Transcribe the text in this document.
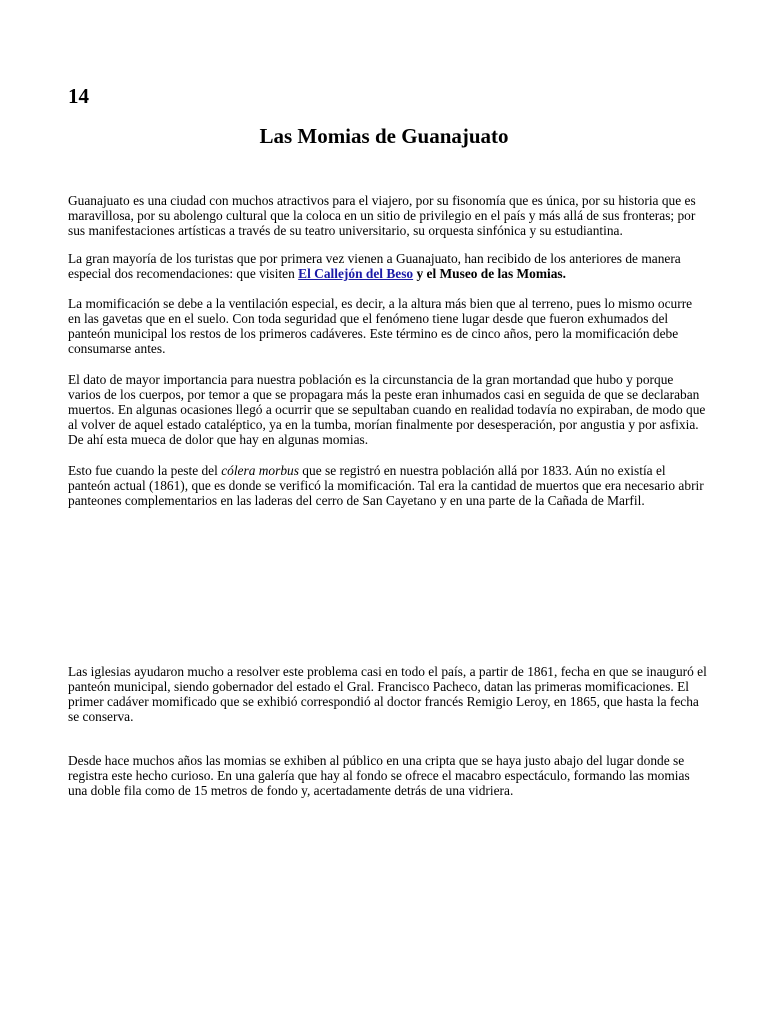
14
Las Momias de Guanajuato

Guanajuato es una ciudad con muchos atractivos para el viajero, por su fisonomía que es única, por su historia que es maravillosa, por su abolengo cultural que la coloca en un sitio de privilegio en el país y más allá de sus fronteras; por sus manifestaciones artísticas a través de su teatro universitario, su orquesta sinfónica y su estudiantina.

La gran mayoría de los turistas que por primera vez vienen a Guanajuato, han recibido de los anteriores de manera especial dos recomendaciones: que visiten El Callejón del Beso y el Museo de las Momias.

La momificación se debe a la ventilación especial, es decir, a la altura más bien que al terreno, pues lo mismo ocurre en las gavetas que en el suelo. Con toda seguridad que el fenómeno tiene lugar desde que fueron exhumados del panteón municipal los restos de los primeros cadáveres. Este término es de cinco años, pero la momificación debe consumarse antes.

El dato de mayor importancia para nuestra población es la circunstancia de la gran mortandad que hubo y porque varios de los cuerpos, por temor a que se propagara más la peste eran inhumados casi en seguida de que se declaraban muertos. En algunas ocasiones llegó a ocurrir que se sepultaban cuando en realidad todavía no expiraban, de modo que al volver de aquel estado cataléptico, ya en la tumba, morían finalmente por desesperación, por angustia y por asfixia. De ahí esta mueca de dolor que hay en algunas momias.

Esto fue cuando la peste del cólera morbus que se registró en nuestra población allá por 1833. Aún no existía el panteón actual (1861), que es donde se verificó la momificación. Tal era la cantidad de muertos que era necesario abrir panteones complementarios en las laderas del cerro de San Cayetano y en una parte de la Cañada de Marfil.

Las iglesias ayudaron mucho a resolver este problema casi en todo el país, a partir de 1861, fecha en que se inauguró el panteón municipal, siendo gobernador del estado el Gral. Francisco Pacheco, datan las primeras momificaciones. El primer cadáver momificado que se exhibió correspondió al doctor francés Remigio Leroy, en 1865, que hasta la fecha se conserva.

Desde hace muchos años las momias se exhiben al público en una cripta que se haya justo abajo del lugar donde se registra este hecho curioso. En una galería que hay al fondo se ofrece el macabro espectáculo, formando las momias una doble fila como de 15 metros de fondo y, acertadamente detrás de una vidriera.
